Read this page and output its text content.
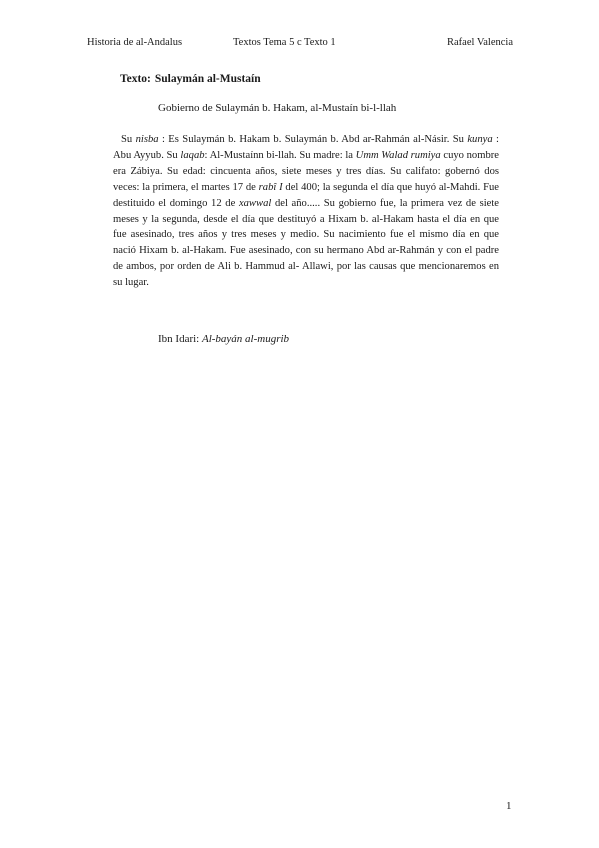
Historia de al-Andalus	Textos Tema 5 c Texto 1	Rafael Valencia
Texto: Sulaymán al-Mustaín
Gobierno de Sulaymán b. Hakam, al-Mustaín bi-l-llah

Su nisba : Es Sulaymán b. Hakam b. Sulaymán b. Abd ar-Rahmán al-Násir. Su kunya : Abu Ayyub. Su laqab: Al-Mustaínn bi-llah. Su madre: la Umm Walad rumiya cuyo nombre era Zábiya. Su edad: cincuenta años, siete meses y tres días. Su califato: gobernó dos veces: la primera, el martes 17 de rabî I del 400; la segunda el día que huyó al-Mahdi. Fue destituido el domingo 12 de xawwal del año..... Su gobierno fue, la primera vez de siete meses y la segunda, desde el día que destituyó a Hixam b. al-Hakam hasta el día en que fue asesinado, tres años y tres meses y medio. Su nacimiento fue el mismo día en que nació Hixam b. al-Hakam. Fue asesinado, con su hermano Abd ar-Rahmán y con el padre de ambos, por orden de Ali b. Hammud al- Allawi, por las causas que mencionaremos en su lugar.

Ibn Idari: Al-bayán al-mugrib
1
